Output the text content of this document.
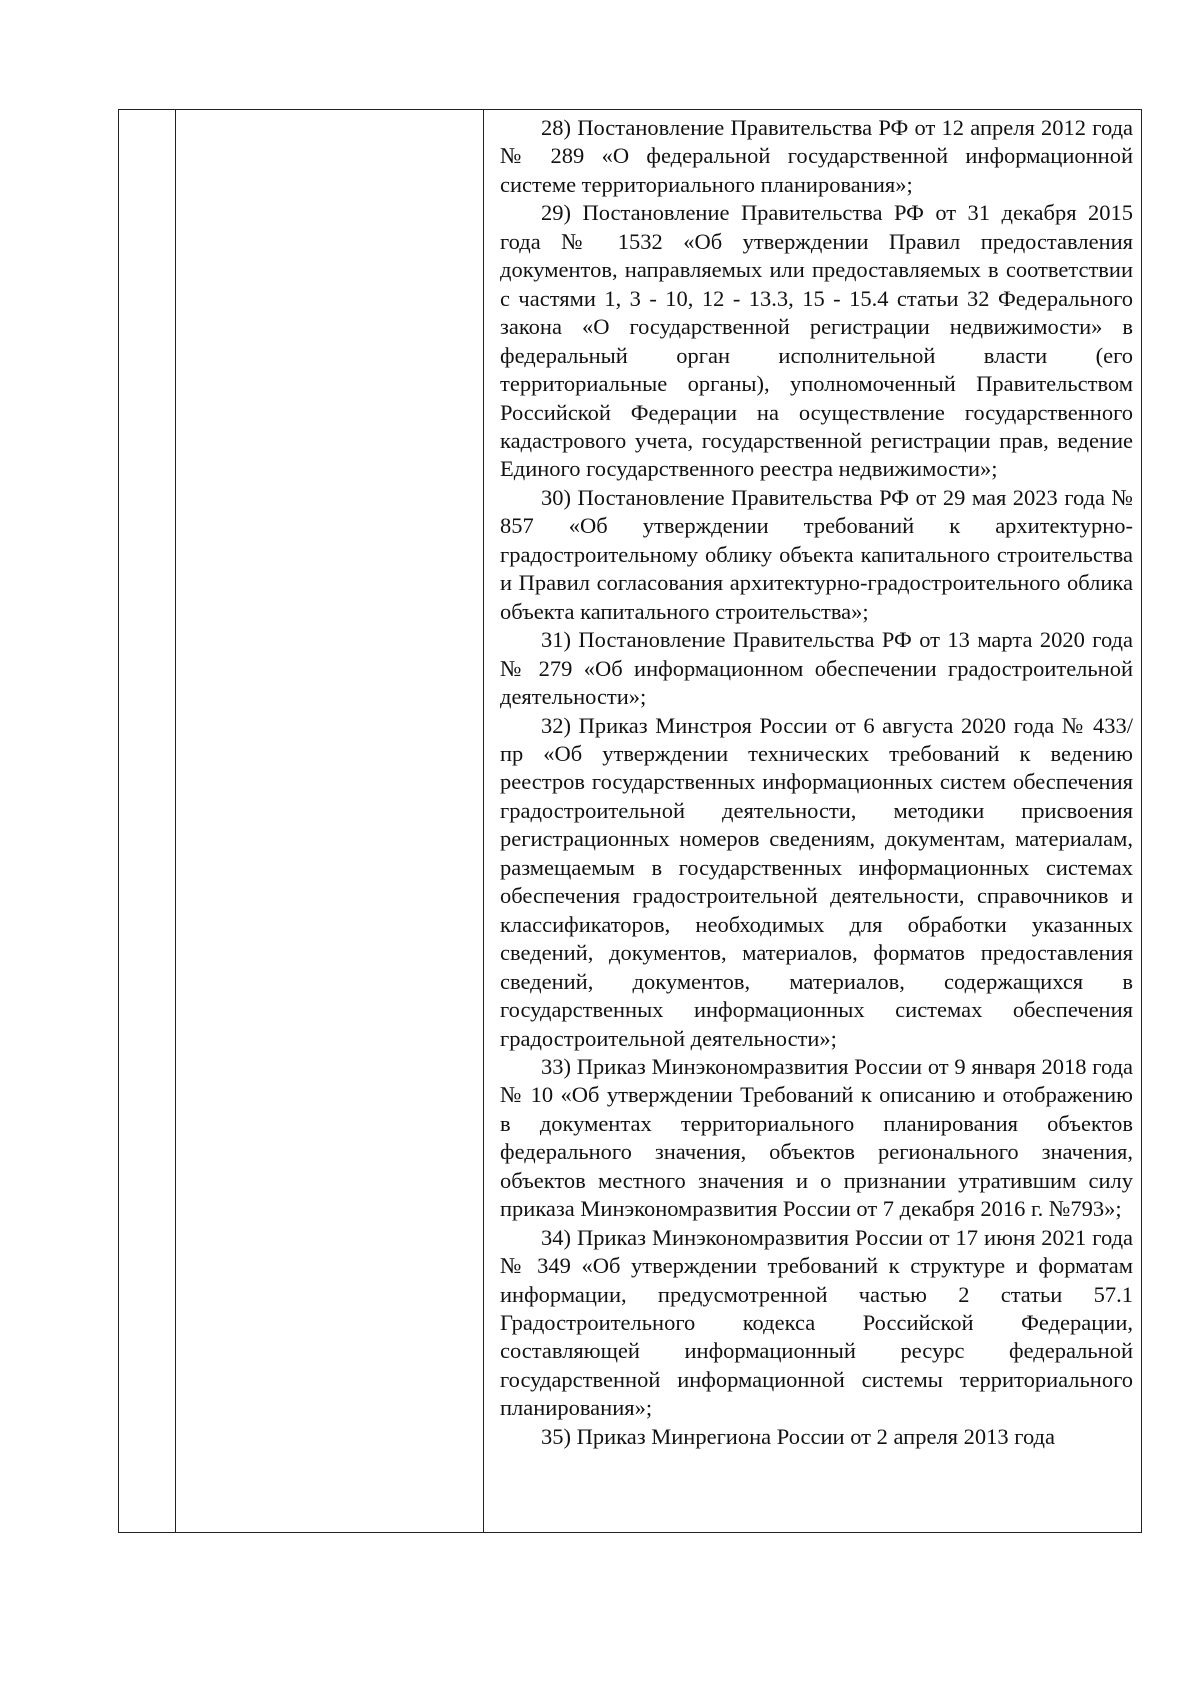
28) Постановление Правительства РФ от 12 апреля 2012 года № 289 «О федеральной государственной информационной системе территориального планирования»;

29) Постановление Правительства РФ от 31 декабря 2015 года № 1532 «Об утверждении Правил предоставления документов, направляемых или предоставляемых в соответствии с частями 1, 3 - 10, 12 - 13.3, 15 - 15.4 статьи 32 Федерального закона «О государственной регистрации недвижимости» в федеральный орган исполнительной власти (его территориальные органы), уполномоченный Правительством Российской Федерации на осуществление государственного кадастрового учета, государственной регистрации прав, ведение Единого государственного реестра недвижимости»;

30) Постановление Правительства РФ от 29 мая 2023 года № 857 «Об утверждении требований к архитектурно-градостроительному облику объекта капитального строительства и Правил согласования архитектурно-градостроительного облика объекта капитального строительства»;

31) Постановление Правительства РФ от 13 марта 2020 года № 279 «Об информационном обеспечении градостроительной деятельности»;

32) Приказ Минстроя России от 6 августа 2020 года № 433/пр «Об утверждении технических требований к ведению реестров государственных информационных систем обеспечения градостроительной деятельности, методики присвоения регистрационных номеров сведениям, документам, материалам, размещаемым в государственных информационных системах обеспечения градостроительной деятельности, справочников и классификаторов, необходимых для обработки указанных сведений, документов, материалов, форматов предоставления сведений, документов, материалов, содержащихся в государственных информационных системах обеспечения градостроительной деятельности»;

33) Приказ Минэкономразвития России от 9 января 2018 года № 10 «Об утверждении Требований к описанию и отображению в документах территориального планирования объектов федерального значения, объектов регионального значения, объектов местного значения и о признании утратившим силу приказа Минэкономразвития России от 7 декабря 2016 г. №793»;

34) Приказ Минэкономразвития России от 17 июня 2021 года № 349 «Об утверждении требований к структуре и форматам информации, предусмотренной частью 2 статьи 57.1 Градостроительного кодекса Российской Федерации, составляющей информационный ресурс федеральной государственной информационной системы территориального планирования»;

35) Приказ Минрегиона России от 2 апреля 2013 года
